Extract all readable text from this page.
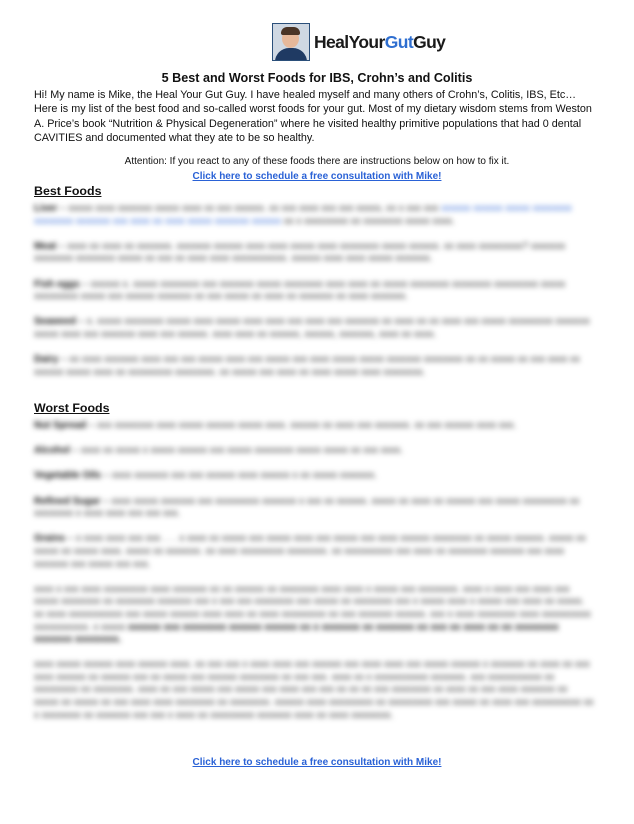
HealYourGutGuy
5 Best and Worst Foods for IBS, Crohn’s and Colitis
Hi! My name is Mike, the Heal Your Gut Guy. I have healed myself and many others of Crohn’s, Colitis, IBS, Etc… Here is my list of the best food and so-called worst foods for your gut. Most of my dietary wisdom stems from Weston A. Price’s book “Nutrition & Physical Degeneration” where he visited healthy primitive populations that had 0 dental CAVITIES and documented what they ate to be so healthy.
Attention: If you react to any of these foods there are instructions below on how to fix it.
Click here to schedule a free consultation with Mike!
Best Foods
Liver – xxxxx xxxx xxxxxxx xxxxx xxxx xx xxx xxxxxx. xx xxx xxxx xxx xxx xxxxx, xx x xxx xxx xxxxxx xxxxxx xxxxx xxxxxxxx xxxxxxxx xxxxxxx xxx xxxx xx xxxx xxxxx xxxxxxx xxxxxx xx x xxxxxxxxx xx xxxxxxxx xxxxx xxxx.

Meat – xxxx xx xxxx xx xxxxxxx. xxxxxxx xxxxxx xxxx xxxx xxxxx xxxx xxxxxxxx xxxxx xxxxxx. xx xxxx xxxxxxxxx? xxxxxxx xxxxxxxx xxxxxxxx xxxxx xx xxx xx xxxx xxxx xxxxxxxxxxx. xxxxxx xxxx xxxx xxxxx xxxxxxx.

Fish eggs – xxxxxx x. xxxxx xxxxxxxx xxx xxxxxxx xxxxx xxxxxxxx xxxx xxxx xx xxxxx xxxxxxxx xxxxxxxx xxxxxxxxx xxxxx xxxxxxxxx xxxxx xxx xxxxxx xxxxxxx xx xxx xxxxx xx xxxx xx xxxxxxx xx xxxx xxxxxxx.

Seaweed – x. xxxxx xxxxxxxx xxxxx xxxx xxxxx xxxx xxxx xxx xxxx xxx xxxxxxx xx xxxx xx xx xxxx xxx xxxxx xxxxxxxxx xxxxxxx xxxxx xxxx xxx xxxxxxx xxxx xxx xxxxxx. xxxx xxxx xx xxxxxx, xxxxxx, xxxxxxx, xxxx xx xxxx.

Dairy – xx xxxx xxxxxxx xxxx xxx xxx xxxxx xxxx xxx xxxxx xxx xxxx xxxxx xxxxx xxxxxxx xxxxxxxx xx xx xxxxx xx xxx xxxx xx xxxxxx xxxxx xxxx xx xxxxxxxxx xxxxxxxx. xx xxxxx xxx xxxx xx xxxx xxxxx xxxx xxxxxxxx.
Worst Foods
Nut Spread – xxx xxxxxxxx xxxx xxxxx xxxxxx xxxxx xxxx. xxxxxx xx xxxx xxx xxxxxxx. xx xxx xxxxxx xxxx xxx.

Alcohol – xxxx xx xxxxx x xxxxx xxxxxx xxx xxxxx xxxxxxxx xxxxx xxxxx xx xxx xxxx.

Vegetable Oils – xxxx xxxxxxx xxx xxx xxxxxx xxxx xxxxxx x xx xxxxx xxxxxxx.

Refined Sugar – xxxx xxxxx xxxxxxx xxx xxxxxxxxx xxxxxxx x xxx xx xxxxxx. xxxxx xx xxxx xx xxxxxx xxx xxxxx xxxxxxxxx xx xxxxxxxx x xxxx xxxx xxx xxx xxx.

Grains – x xxxx xxxx xxx xxx . . . x xxxx xx xxxxx xxx xxxxx xxxx xxx xxxxx xxx xxxx xxxxxx xxxxxxxx xx xxxxx xxxxxx. xxxxx xx xxxxx xx xxxxx xxxx. xxxxx xx xxxxxxx. xx xxxx xxxxxxxxx xxxxxxxx. xx xxxxxxxxxx xxx xxxx xx xxxxxxxx xxxxxxx xxx xxxx xxxxxxx xxx xxxxx xxx xxx.

xxxx x xxx xxxx xxxxxxxxx xxxx xxxxxxx xx xx xxxxxx xx xxxxxxxx xxxx xxxx x xxxxx xxx xxxxxxxx. xxxx x xxxx xxx xxxx xxx xxxxx xxxxxxxx xx xxxxxxxx xxxxxxx xxx x xxx xxx xxxxxxxx xxx xxxxx xx xxxxxxxx xxx x xxxxx xxxx x xxxxx xxx xxxx xx xxxxx. xx xxxx xxxxxxxxxxx xxx xxxxx xxxxxx xxxx xxxx xx xxxx xxxxxxxxx xx xxx xxxxxxx xxxxxx. xxx x xxxx xxxxxxxx xxxx xxxxxxxxxx xxxxxxxxxxx. x xxxxx xxxxxx xxx xxxxxxxx xxxxxx xxxxxx xx x xxxxxxx xx xxxxxxx xx xxx xx xxxx xx xx xxxxxxxx xxxxxxx xxxxxxxx.

xxxx xxxxx xxxxxx xxxx xxxxxx xxxx. xx xxx xxx x xxxx xxxx xxx xxxxxx xxx xxxx xxxx xxx xxxxx xxxxxx x xxxxxxx xx xxxx xx xxx xxxx xxxxxx xx xxxxxx xxx xx xxxxx xxx xxxxxx xxxxxxxx xx xxx xxx. xxxx xx x xxxxxxxxxxx xxxxxxx. xxx xxxxxxxxxxx xx xxxxxxxxx xx xxxxxxxx. xxxx xx xxx xxxxx xxx xxxxx xxx xxxx xxx xxx xx xx xx xxx xxxxxxxx xx xxxx xx xxx xxxx xxxxxxx xx xxxxx xx xxxxx xx xxx xxxx xxxx xxxxxxxx xx xxxxxxxx. xxxxxx xxxx xxxxxxxxx xx xxxxxxxxx xxx xxxxx xx xxxx xxx xxxxxxxxxx xx x xxxxxxxx xx xxxxxxx xxx xxx x xxxx xx xxxxxxxxx xxxxxxx xxxx xx xxxx xxxxxxxx.
Click here to schedule a free consultation with Mike!
